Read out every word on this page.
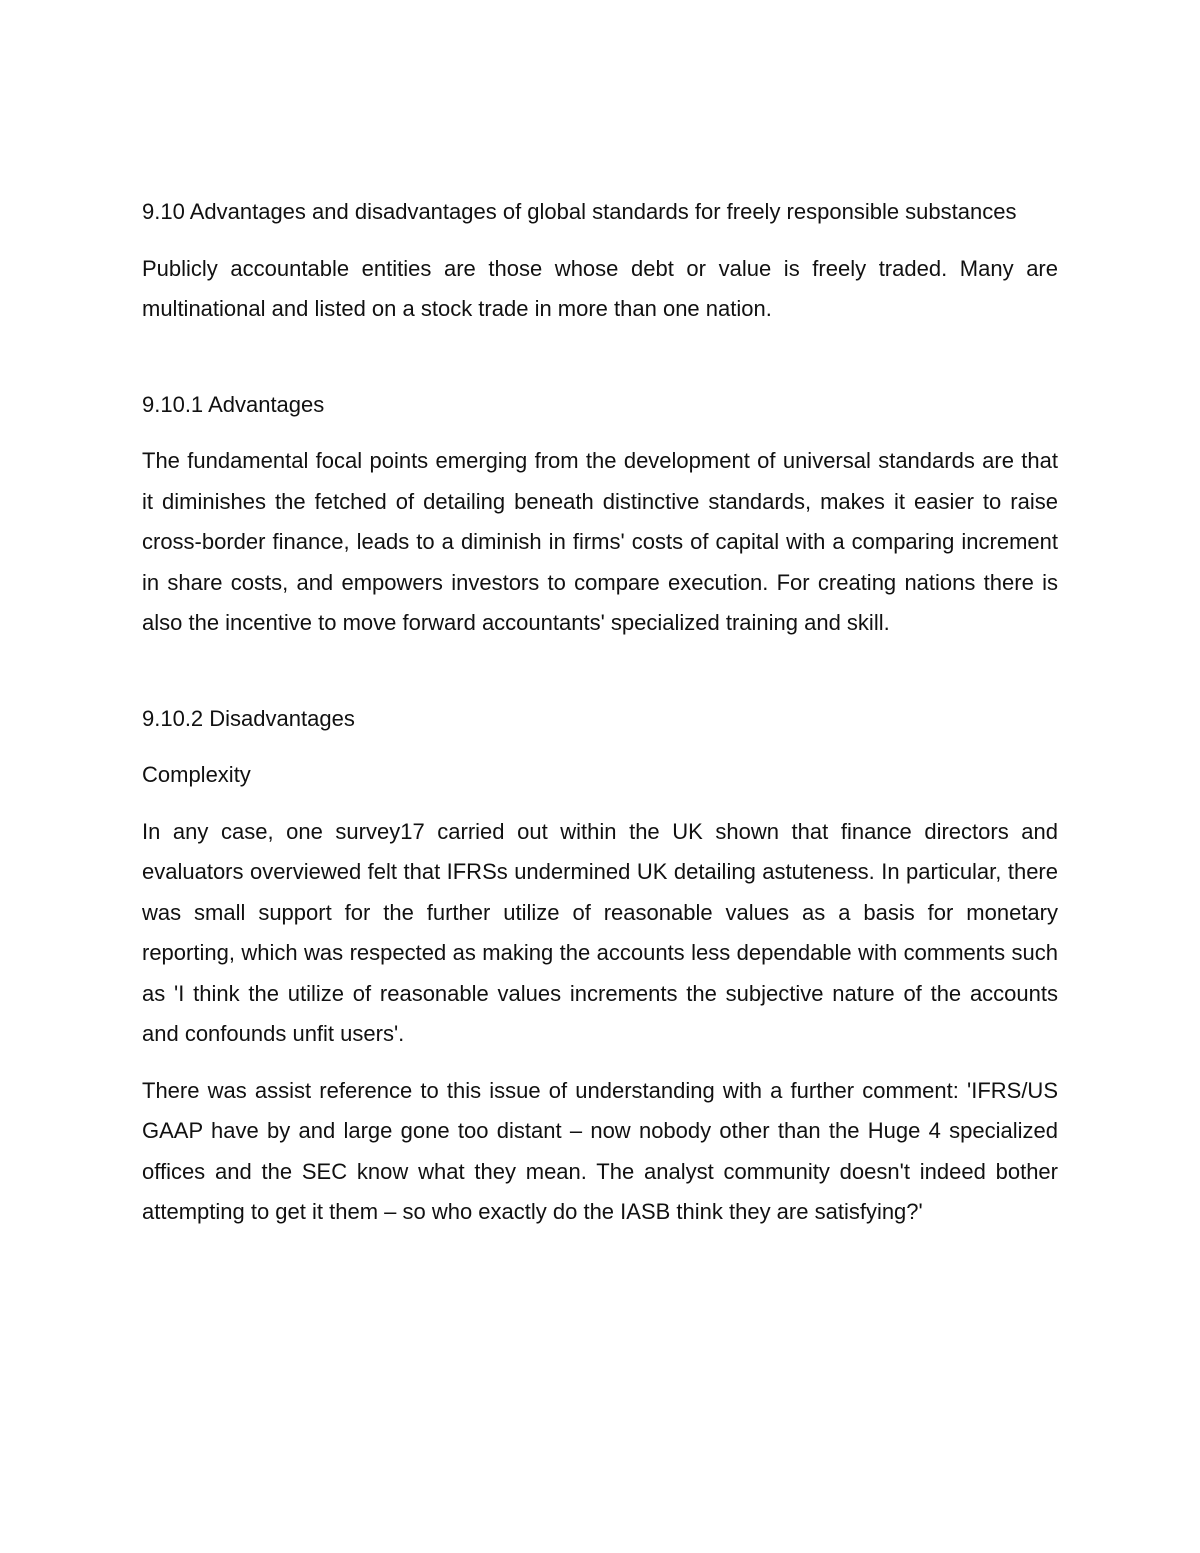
9.10 Advantages and disadvantages of global standards for freely responsible substances

Publicly accountable entities are those whose debt or value is freely traded. Many are multinational and listed on a stock trade in more than one nation.

9.10.1 Advantages

The fundamental focal points emerging from the development of universal standards are that it diminishes the fetched of detailing beneath distinctive standards, makes it easier to raise cross-border finance, leads to a diminish in firms' costs of capital with a comparing increment in share costs, and empowers investors to compare execution. For creating nations there is also the incentive to move forward accountants' specialized training and skill.

9.10.2 Disadvantages

Complexity

In any case, one survey17 carried out within the UK shown that finance directors and evaluators overviewed felt that IFRSs undermined UK detailing astuteness. In particular, there was small support for the further utilize of reasonable values as a basis for monetary reporting, which was respected as making the accounts less dependable with comments such as 'I think the utilize of reasonable values increments the subjective nature of the accounts and confounds unfit users'.

There was assist reference to this issue of understanding with a further comment: 'IFRS/US GAAP have by and large gone too distant – now nobody other than the Huge 4 specialized offices and the SEC know what they mean. The analyst community doesn't indeed bother attempting to get it them – so who exactly do the IASB think they are satisfying?'
